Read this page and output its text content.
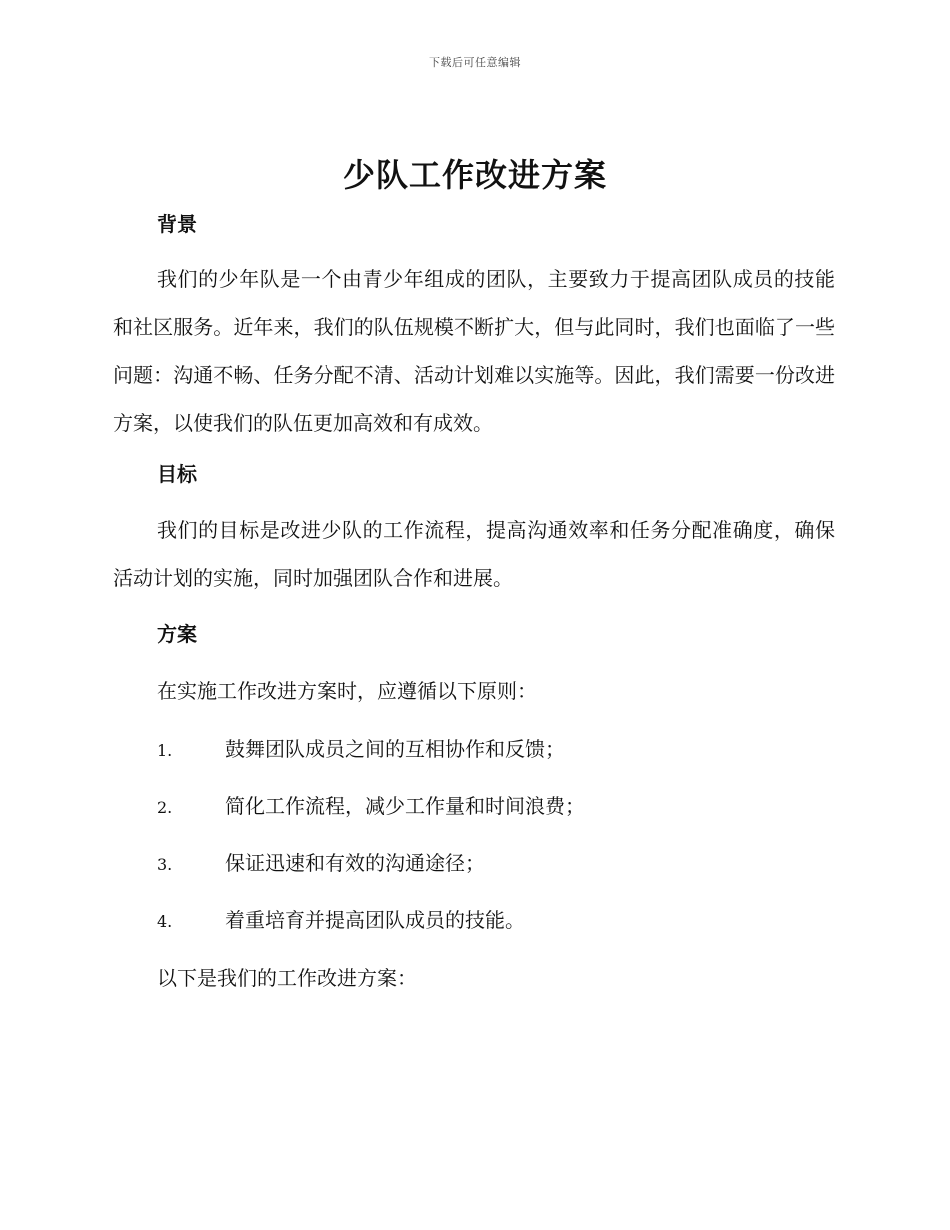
下载后可任意编辑
少队工作改进方案
背景

我们的少年队是一个由青少年组成的团队，主要致力于提高团队成员的技能和社区服务。近年来，我们的队伍规模不断扩大，但与此同时，我们也面临了一些问题：沟通不畅、任务分配不清、活动计划难以实施等。因此，我们需要一份改进方案，以使我们的队伍更加高效和有成效。

目标

我们的目标是改进少队的工作流程，提高沟通效率和任务分配准确度，确保活动计划的实施，同时加强团队合作和进展。

方案

在实施工作改进方案时，应遵循以下原则：

1.	鼓舞团队成员之间的互相协作和反馈；

2.	简化工作流程，减少工作量和时间浪费；

3.	保证迅速和有效的沟通途径；

4.	着重培育并提高团队成员的技能。

以下是我们的工作改进方案：
